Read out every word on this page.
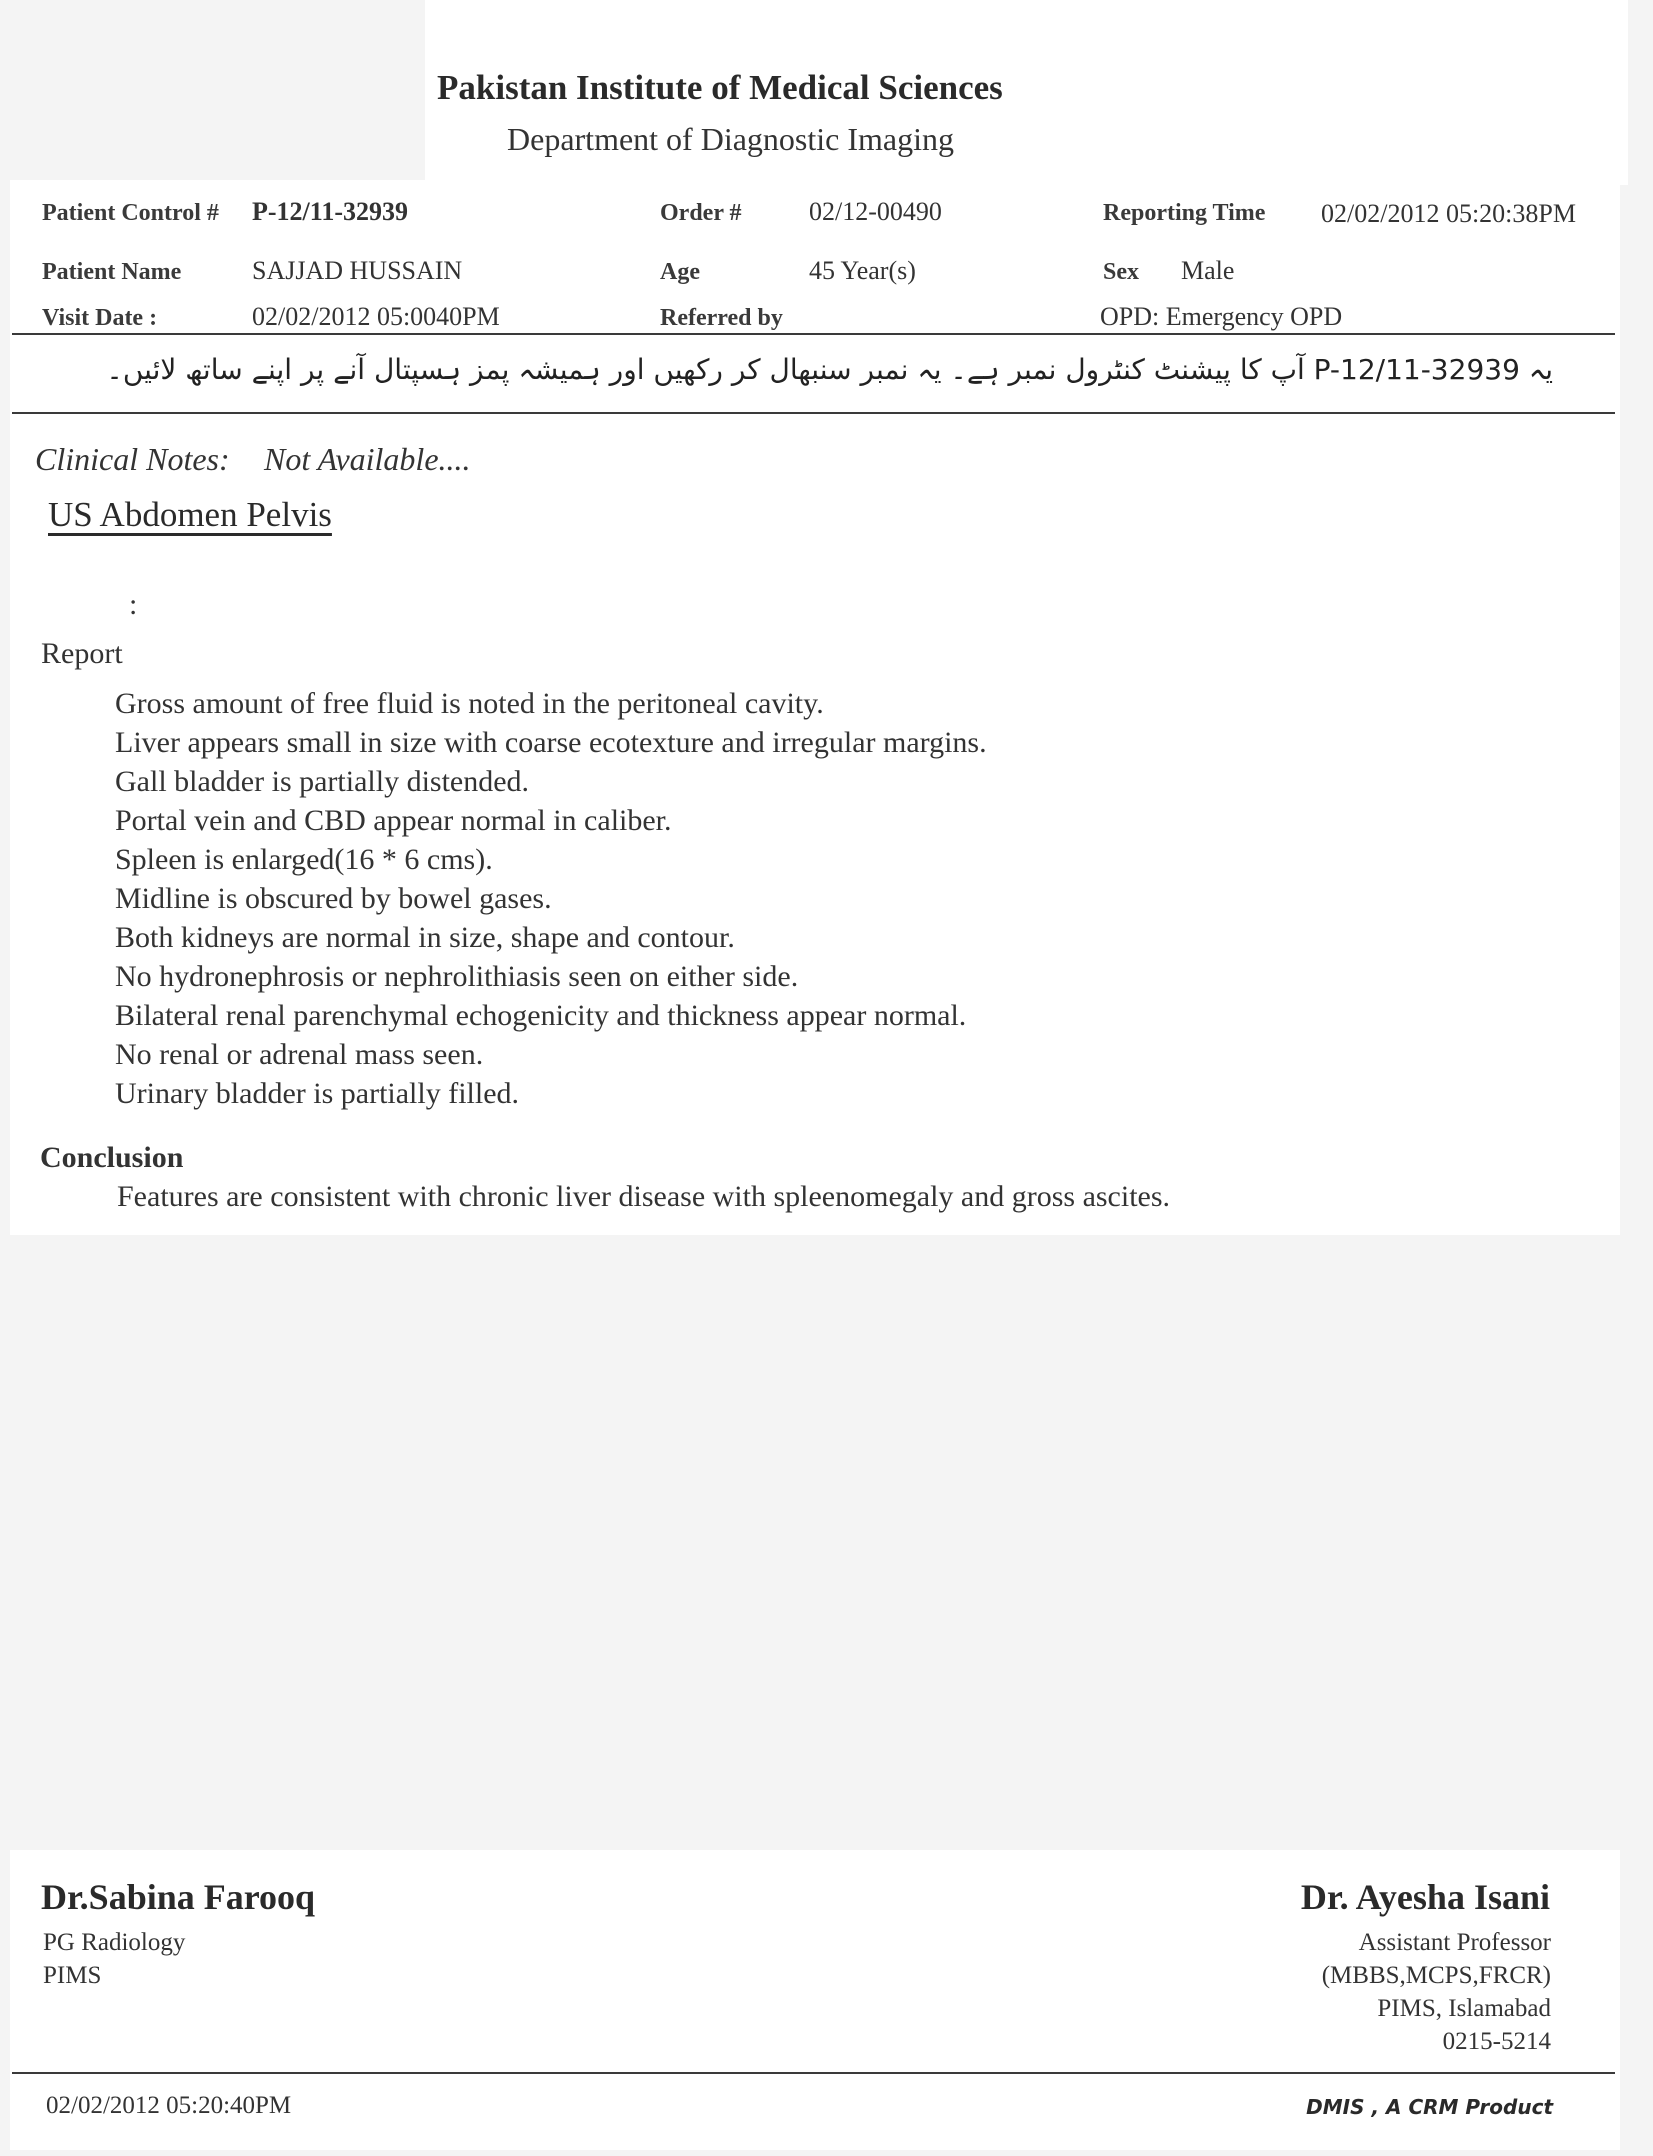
Pakistan Institute of Medical Sciences
Department of Diagnostic Imaging
Patient Control # P-12/11-32939	Order #	02/12-00490	Reporting Time 02/02/2012 05:20:38PM
Patient Name	SAJJAD HUSSAIN	Age	45 Year(s)	Sex Male
Visit Date :	02/02/2012 05:0040PM	Referred by	OPD: Emergency OPD
یہ P-12/11-32939 آپ کا پیشنٹ کنٹرول نمبر ہے۔ یہ نمبر سنبھال کر رکھیں اور ہمیشہ پمز ہسپتال آنے پر اپنے ساتھ لائیں۔
Clinical Notes: Not Available....
US Abdomen Pelvis
:
Report
Gross amount of free fluid is noted in the peritoneal cavity.
Liver appears small in size with coarse ecotexture and irregular margins.
Gall bladder is partially distended.
Portal vein and CBD appear normal in caliber.
Spleen is enlarged(16 * 6 cms).
Midline is obscured by bowel gases.
Both kidneys are normal in size, shape and contour.
No hydronephrosis or nephrolithiasis seen on either side.
Bilateral renal parenchymal echogenicity and thickness appear normal.
No renal or adrenal mass seen.
Urinary bladder is partially filled.
Conclusion
Features are consistent with chronic liver disease with spleenomegaly and gross ascites.
Dr.Sabina Farooq
PG Radiology
PIMS
Dr. Ayesha Isani
Assistant Professor
(MBBS,MCPS,FRCR)
PIMS, Islamabad
0215-5214
02/02/2012 05:20:40PM	DMIS , A CRM Product
